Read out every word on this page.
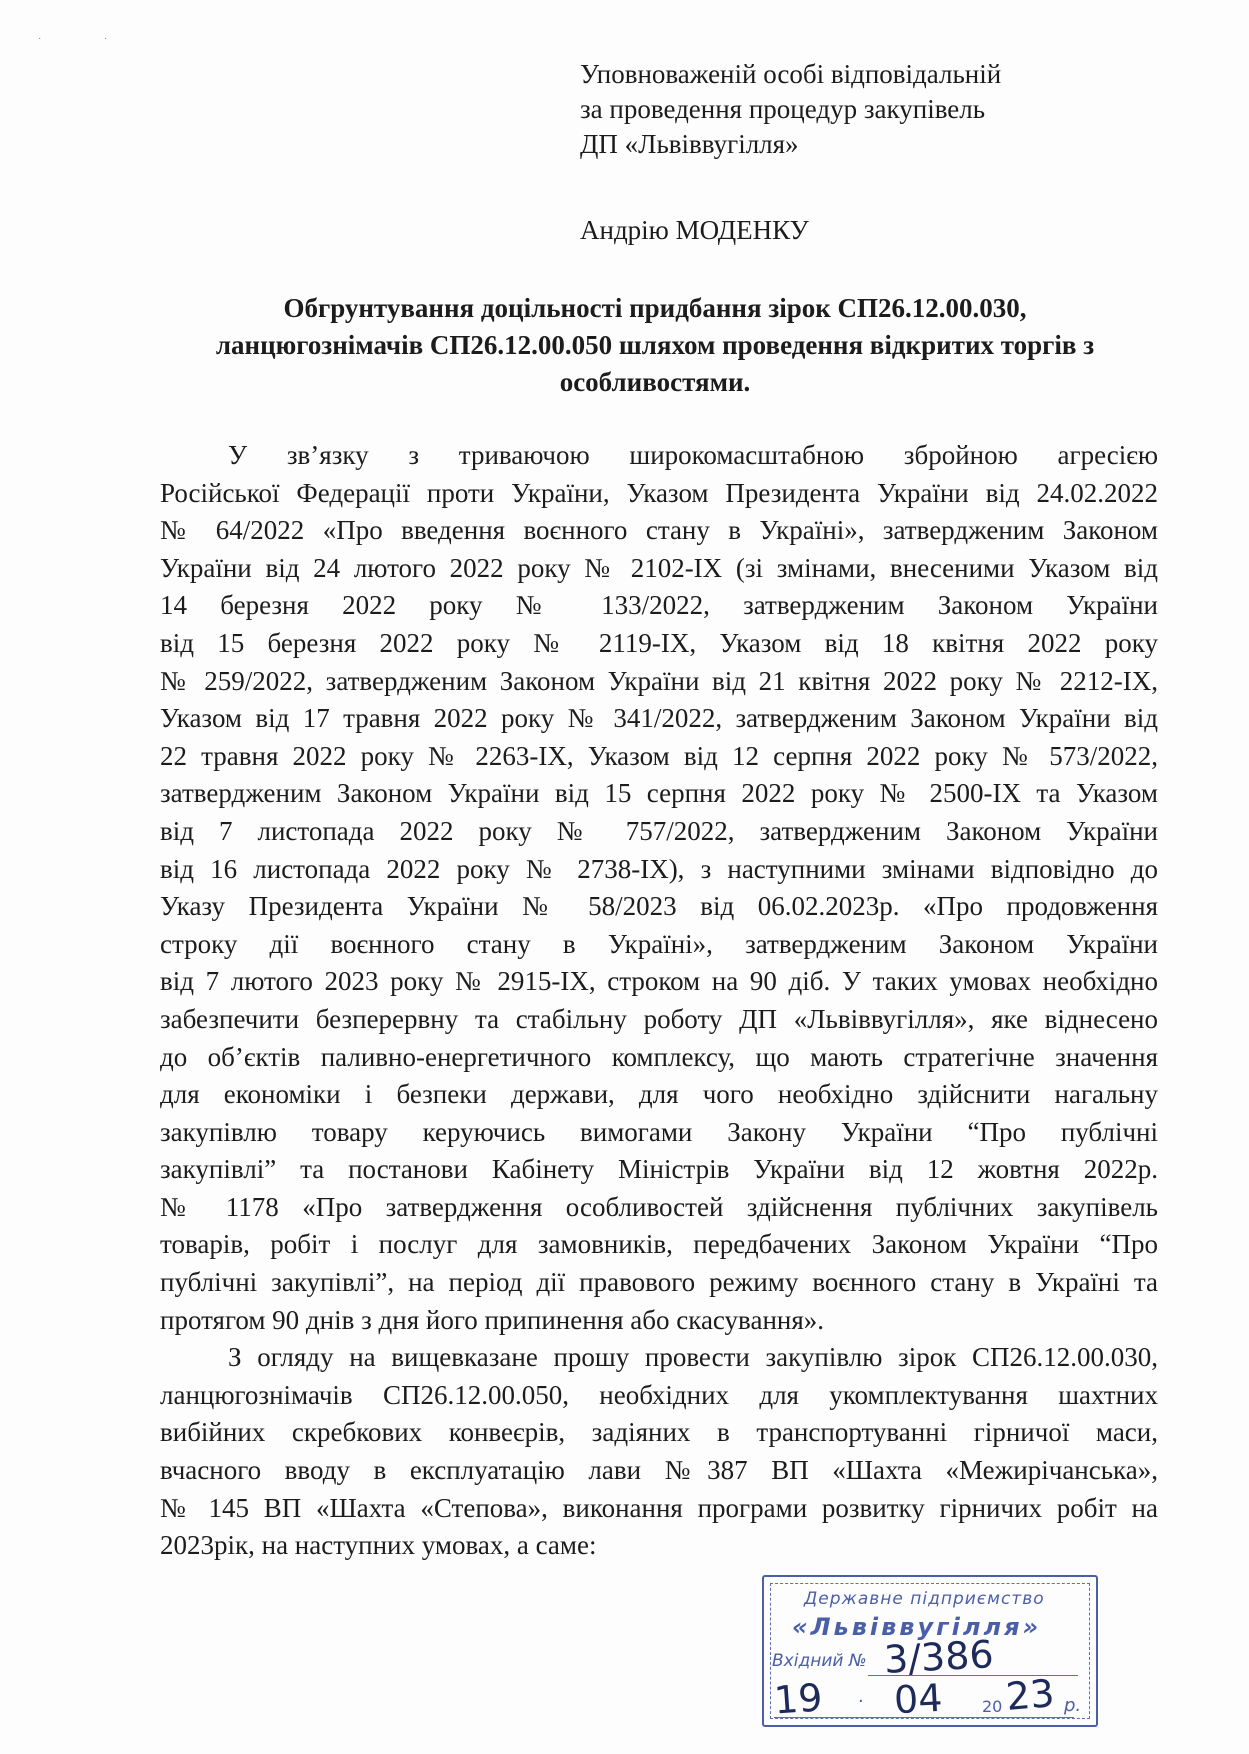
· ·
Уповноваженій особі відповідальній
за проведення процедур закупівель
ДП «Львіввугілля»
Андрію МОДЕНКУ
Обгрунтування доцільності придбання зірок СП26.12.00.030,
ланцюгознімачів СП26.12.00.050 шляхом проведення відкритих торгів з
особливостями.
У зв’язку з триваючою широкомасштабною збройною агресією
Російської Федерації проти України, Указом Президента України від 24.02.2022
№ 64/2022 «Про введення воєнного стану в Україні», затвердженим Законом
України від 24 лютого 2022 року № 2102-IX (зі змінами, внесеними Указом від
14 березня 2022 року № 133/2022, затвердженим Законом України
від 15 березня 2022 року № 2119-IX, Указом від 18 квітня 2022 року
№ 259/2022, затвердженим Законом України від 21 квітня 2022 року № 2212-IX,
Указом від 17 травня 2022 року № 341/2022, затвердженим Законом України від
22 травня 2022 року № 2263-IX, Указом від 12 серпня 2022 року № 573/2022,
затвердженим Законом України від 15 серпня 2022 року № 2500-IX та Указом
від 7 листопада 2022 року № 757/2022, затвердженим Законом України
від 16 листопада 2022 року № 2738-IX), з наступними змінами відповідно до
Указу Президента України № 58/2023 від 06.02.2023р. «Про продовження
строку дії воєнного стану в Україні», затвердженим Законом України
від 7 лютого 2023 року № 2915-IX, строком на 90 діб. У таких умовах необхідно
забезпечити безперервну та стабільну роботу ДП «Львіввугілля», яке віднесено
до об’єктів паливно-енергетичного комплексу, що мають стратегічне значення
для економіки і безпеки держави, для чого необхідно здійснити нагальну
закупівлю товару керуючись вимогами Закону України “Про публічні
закупівлі” та постанови Кабінету Міністрів України від 12 жовтня 2022р.
№ 1178 «Про затвердження особливостей здійснення публічних закупівель
товарів, робіт і послуг для замовників, передбачених Законом України “Про
публічні закупівлі”, на період дії правового режиму воєнного стану в Україні та
протягом 90 днів з дня його припинення або скасування».
З огляду на вищевказане прошу провести закупівлю зірок СП26.12.00.030,
ланцюгознімачів СП26.12.00.050, необхідних для укомплектування шахтних
вибійних скребкових конвеєрів, задіяних в транспортуванні гірничої маси,
вчасного вводу в експлуатацію лави №387 ВП «Шахта «Межирічанська»,
№ 145 ВП «Шахта «Степова», виконання програми розвитку гірничих робіт на
2023рік, на наступних умовах, а саме:
Державне підприємство
«Львіввугілля»
Вхідний № 3/386
19 · 04 20 23 р.
